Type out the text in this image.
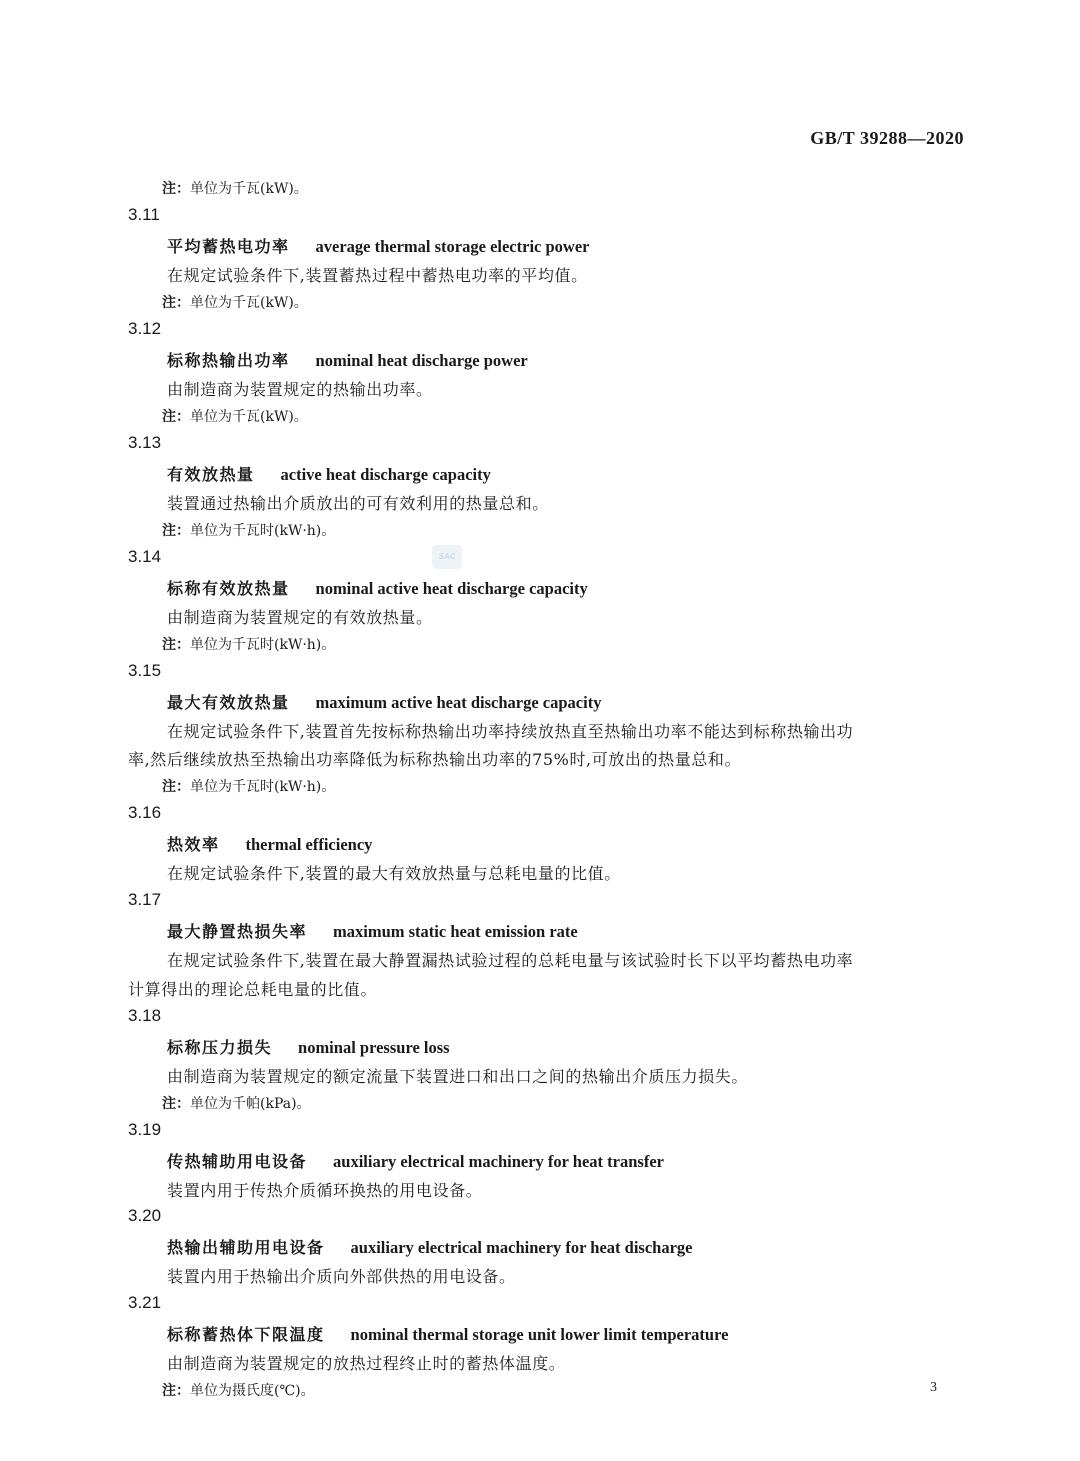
GB/T 39288—2020
注：单位为千瓦(kW)。
3.11
平均蓄热电功率 average thermal storage electric power
在规定试验条件下,装置蓄热过程中蓄热电功率的平均值。
注：单位为千瓦(kW)。
3.12
标称热输出功率 nominal heat discharge power
由制造商为装置规定的热输出功率。
注：单位为千瓦(kW)。
3.13
有效放热量 active heat discharge capacity
装置通过热输出介质放出的可有效利用的热量总和。
注：单位为千瓦时(kW·h)。
SAC
3.14
标称有效放热量 nominal active heat discharge capacity
由制造商为装置规定的有效放热量。
注：单位为千瓦时(kW·h)。
3.15
最大有效放热量 maximum active heat discharge capacity
在规定试验条件下,装置首先按标称热输出功率持续放热直至热输出功率不能达到标称热输出功
率,然后继续放热至热输出功率降低为标称热输出功率的75%时,可放出的热量总和。
注：单位为千瓦时(kW·h)。
3.16
热效率 thermal efficiency
在规定试验条件下,装置的最大有效放热量与总耗电量的比值。
3.17
最大静置热损失率 maximum static heat emission rate
在规定试验条件下,装置在最大静置漏热试验过程的总耗电量与该试验时长下以平均蓄热电功率
计算得出的理论总耗电量的比值。
3.18
标称压力损失 nominal pressure loss
由制造商为装置规定的额定流量下装置进口和出口之间的热输出介质压力损失。
注：单位为千帕(kPa)。
3.19
传热辅助用电设备 auxiliary electrical machinery for heat transfer
装置内用于传热介质循环换热的用电设备。
3.20
热输出辅助用电设备 auxiliary electrical machinery for heat discharge
装置内用于热输出介质向外部供热的用电设备。
3.21
标称蓄热体下限温度 nominal thermal storage unit lower limit temperature
由制造商为装置规定的放热过程终止时的蓄热体温度。
注：单位为摄氏度(℃)。	3
